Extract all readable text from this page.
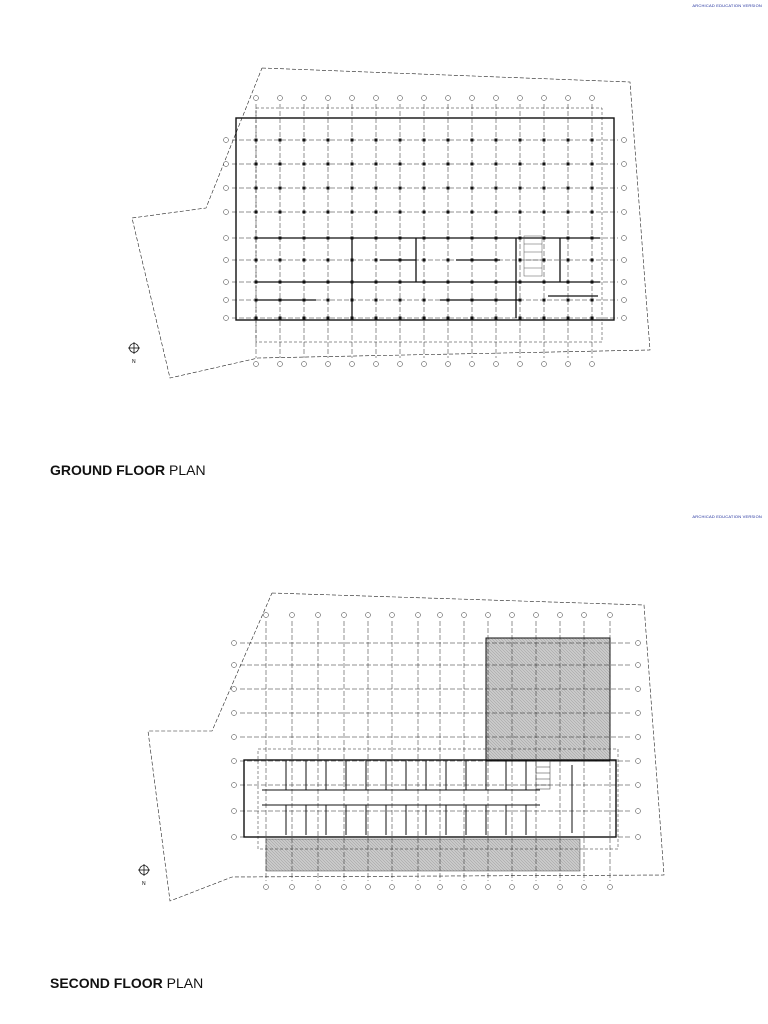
ARCHICAD EDUCATION VERSION
ARCHICAD EDUCATION VERSION
N
GROUND FLOOR PLAN
N
SECOND FLOOR PLAN
